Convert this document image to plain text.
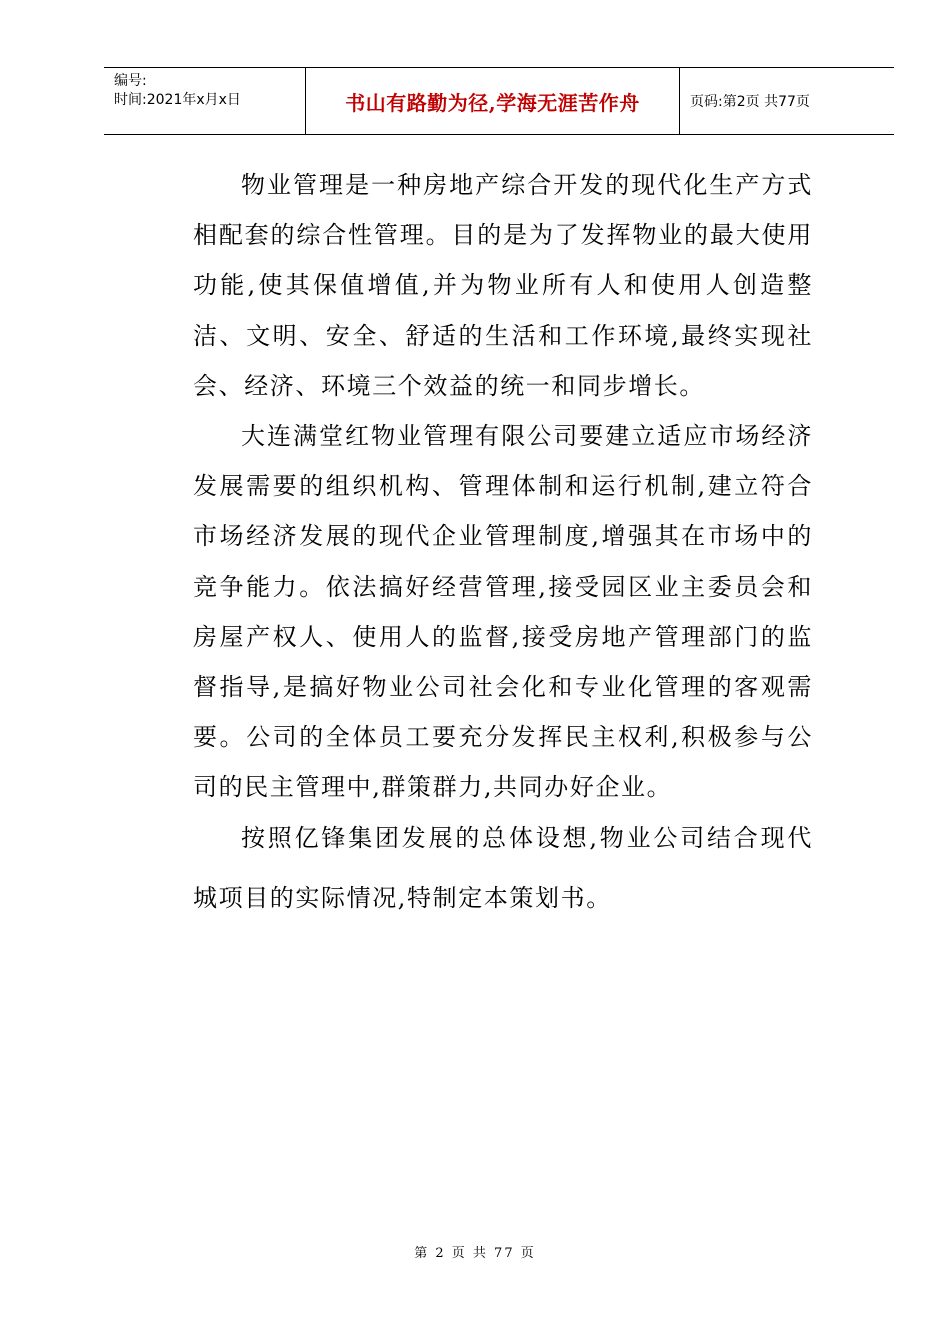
编号:
时间:2021年x月x日	书山有路勤为径,学海无涯苦作舟	页码:第2页 共77页

物业管理是一种房地产综合开发的现代化生产方式相配套的综合性管理。目的是为了发挥物业的最大使用功能,使其保值增值,并为物业所有人和使用人创造整洁、文明、安全、舒适的生活和工作环境,最终实现社会、经济、环境三个效益的统一和同步增长。

大连满堂红物业管理有限公司要建立适应市场经济发展需要的组织机构、管理体制和运行机制,建立符合市场经济发展的现代企业管理制度,增强其在市场中的竞争能力。依法搞好经营管理,接受园区业主委员会和房屋产权人、使用人的监督,接受房地产管理部门的监督指导,是搞好物业公司社会化和专业化管理的客观需要。公司的全体员工要充分发挥民主权利,积极参与公司的民主管理中,群策群力,共同办好企业。

按照亿锋集团发展的总体设想,物业公司结合现代城项目的实际情况,特制定本策划书。

第 2 页 共 77 页
